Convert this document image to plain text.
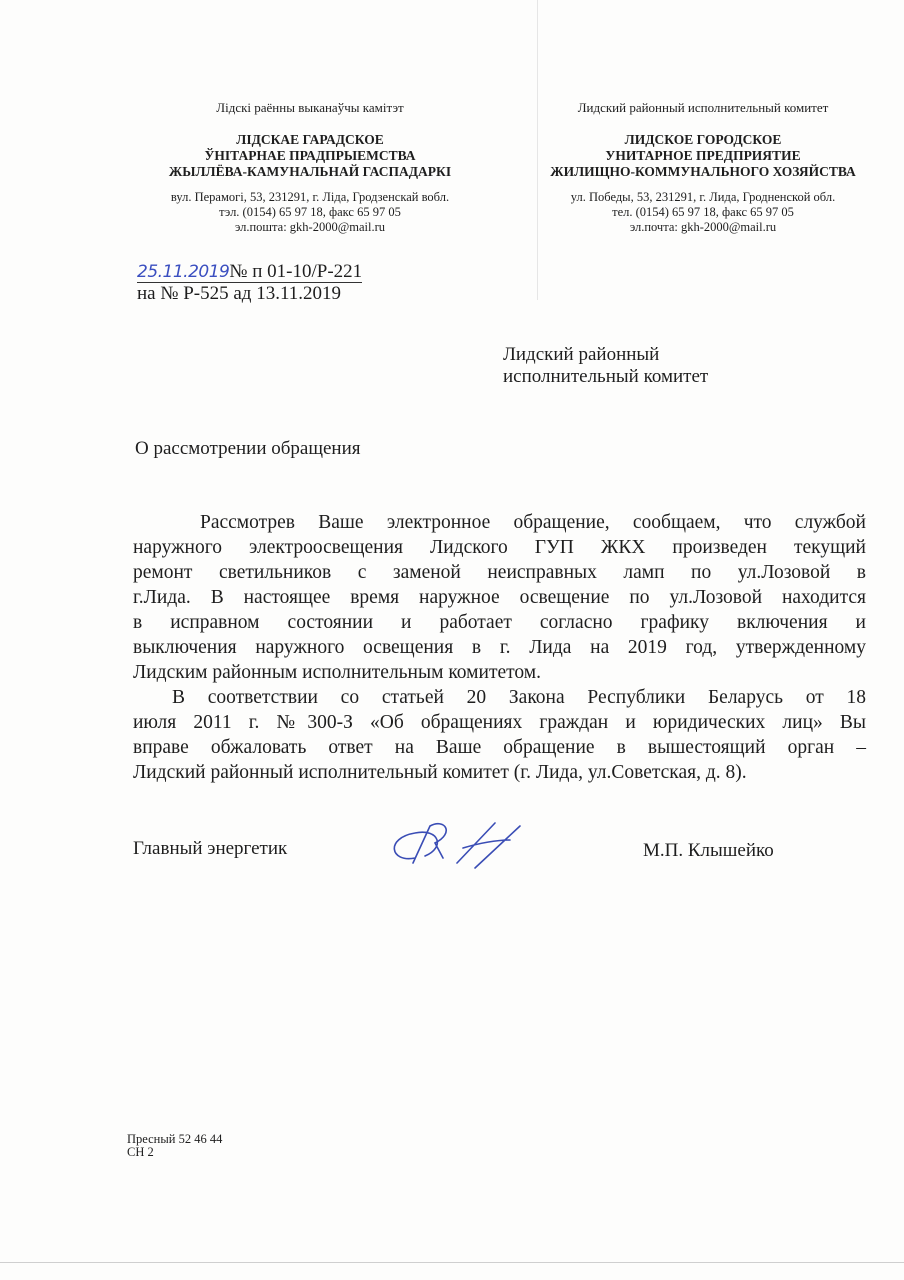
Лідскі раённы выканаўчы камітэт
ЛІДСКАЕ ГАРАДСКОЕ
ЎНІТАРНАЕ ПРАДПРЫЕМСТВА
ЖЫЛЛЁВА-КАМУНАЛЬНАЙ ГАСПАДАРКІ
вул. Перамогі, 53, 231291, г. Ліда, Гродзенскай вобл.
тэл. (0154) 65 97 18, факс 65 97 05
эл.пошта: gkh-2000@mail.ru
Лидский районный исполнительный комитет
ЛИДСКОЕ ГОРОДСКОЕ
УНИТАРНОЕ ПРЕДПРИЯТИЕ
ЖИЛИЩНО-КОММУНАЛЬНОГО ХОЗЯЙСТВА
ул. Победы, 53, 231291, г. Лида, Гродненской обл.
тел. (0154) 65 97 18, факс 65 97 05
эл.почта: gkh-2000@mail.ru
25.11.2019№ п 01-10/Р-221
на № Р-525 ад 13.11.2019
Лидский районный
исполнительный комитет
О рассмотрении обращения
Рассмотрев Ваше электронное обращение, сообщаем, что службой
наружного электроосвещения Лидского ГУП ЖКХ произведен текущий
ремонт светильников с заменой неисправных ламп по ул.Лозовой в
г.Лида. В настоящее время наружное освещение по ул.Лозовой находится
в исправном состоянии и работает согласно графику включения и
выключения наружного освещения в г. Лида на 2019 год, утвержденному
Лидским районным исполнительным комитетом.
В соответствии со статьей 20 Закона Республики Беларусь от 18
июля 2011 г. №300-З «Об обращениях граждан и юридических лиц» Вы
вправе обжаловать ответ на Ваше обращение в вышестоящий орган –
Лидский районный исполнительный комитет (г. Лида, ул.Советская, д. 8).
Главный энергетик	М.П. Клышейко
Пресный 52 46 44
СН 2
